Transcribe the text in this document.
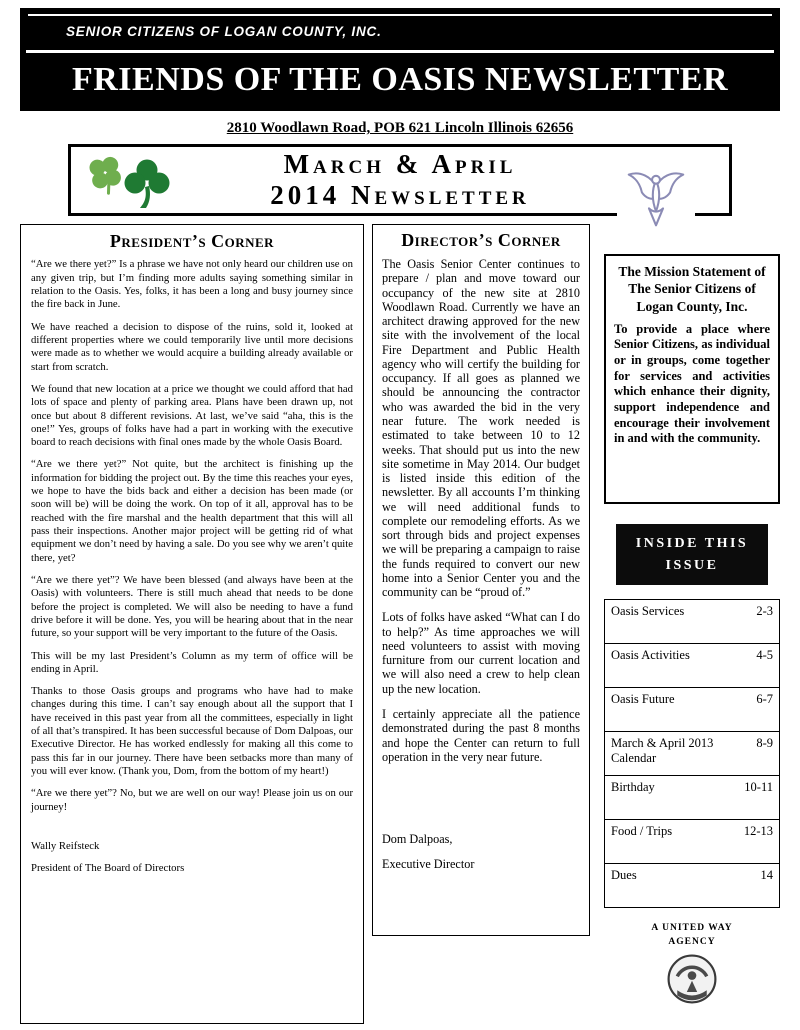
SENIOR CITIZENS OF LOGAN COUNTY, INC.
FRIENDS OF THE OASIS NEWSLETTER
2810 Woodlawn Road, POB 621 Lincoln Illinois 62656
March & April
2014 Newsletter
President’s Corner

“Are we there yet?” Is a phrase we have not only heard our children use on any given trip, but I’m finding more adults saying something similar in relation to the Oasis. Yes, folks, it has been a long and busy journey since the fire back in June.

We have reached a decision to dispose of the ruins, sold it, looked at different properties where we could temporarily live until more decisions were made as to whether we would acquire a building already available or start from scratch.

We found that new location at a price we thought we could afford that had lots of space and plenty of parking area. Plans have been drawn up, not once but about 8 different revisions. At last, we’ve said “aha, this is the one!” Yes, groups of folks have had a part in working with the executive board to reach decisions with final ones made by the whole Oasis Board.

“Are we there yet?” Not quite, but the architect is finishing up the information for bidding the project out. By the time this reaches your eyes, we hope to have the bids back and either a decision has been made (or soon will be) will be doing the work. On top of it all, approval has to be reached with the fire marshal and the health department that this will all pass their inspections. Another major project will be getting rid of what equipment we don’t need by having a sale. Do you see why we aren’t quite there, yet?

“Are we there yet”? We have been blessed (and always have been at the Oasis) with volunteers. There is still much ahead that needs to be done before the project is completed. We will also be needing to have a fund drive before it will be done. Yes, you will be hearing about that in the near future, so your support will be very important to the future of the Oasis.

This will be my last President’s Column as my term of office will be ending in April.

Thanks to those Oasis groups and programs who have had to make changes during this time. I can’t say enough about all the support that I have received in this past year from all the committees, especially in light of all that’s transpired. It has been successful because of Dom Dalpoas, our Executive Director. He has worked endlessly for making all this come to pass this far in our journey. There have been setbacks more than many of you will ever know. (Thank you, Dom, from the bottom of my heart!)

“Are we there yet”? No, but we are well on our way! Please join us on our journey!

Wally Reifsteck

President of The Board of Directors

Director’s Corner

The Oasis Senior Center continues to prepare / plan and move toward our occupancy of the new site at 2810 Woodlawn Road. Currently we have an architect drawing approved for the new site with the involvement of the local Fire Department and Public Health agency who will certify the building for occupancy. If all goes as planned we should be announcing the contractor who was awarded the bid in the very near future. The work needed is estimated to take between 10 to 12 weeks. That should put us into the new site sometime in May 2014. Our budget is listed inside this edition of the newsletter. By all accounts I’m thinking we will need additional funds to complete our remodeling efforts. As we sort through bids and project expenses we will be preparing a campaign to raise the funds required to convert our new home into a Senior Center you and the community can be “proud of.”

Lots of folks have asked “What can I do to help?” As time approaches we will need volunteers to assist with moving furniture from our current location and we will also need a crew to help clean up the new location.

I certainly appreciate all the patience demonstrated during the past 8 months and hope the Center can return to full operation in the very near future.

Dom Dalpoas,

Executive Director

The Mission Statement of The Senior Citizens of Logan County, Inc.
To provide a place where Senior Citizens, as individual or in groups, come together for services and activities which enhance their dignity, support independence and encourage their involvement in and with the community.
INSIDE THIS
ISSUE
Oasis Services	2-3
Oasis Activities	4-5
Oasis Future	6-7
March & April 2013 Calendar
8-9
Birthday	10-11
Food / Trips	12-13
Dues	14
A UNITED WAY
AGENCY
